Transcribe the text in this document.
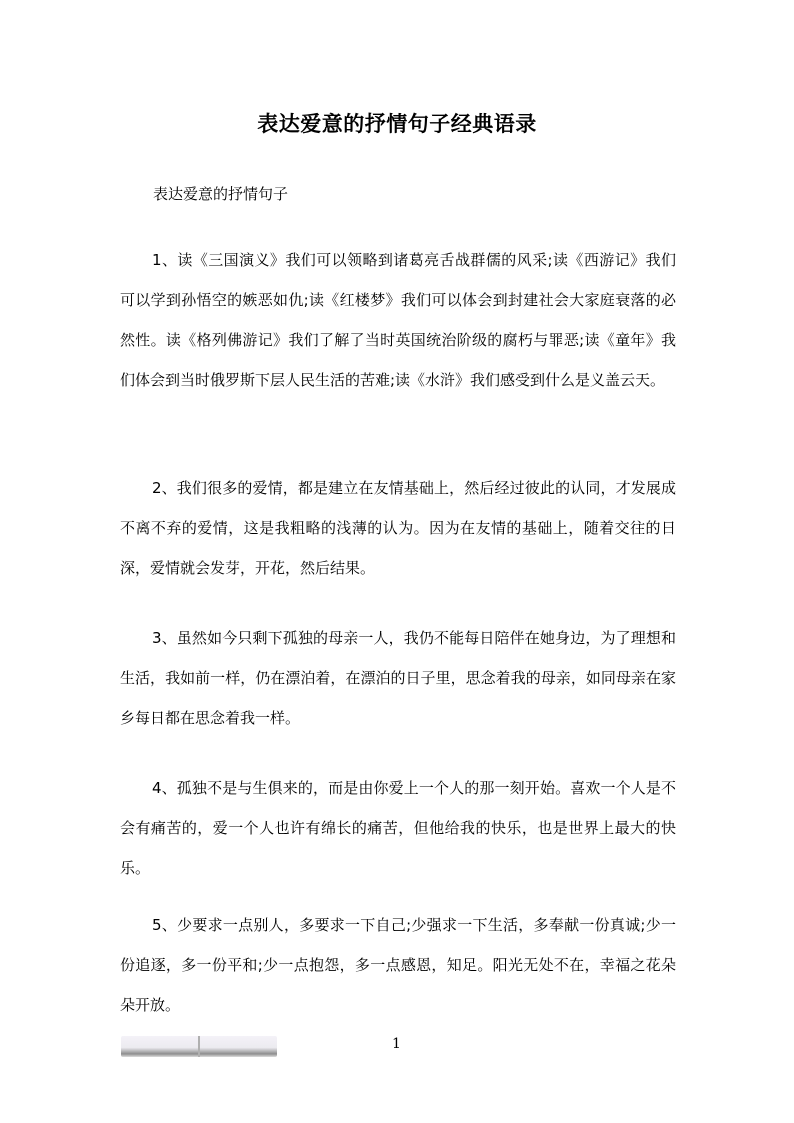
表达爱意的抒情句子经典语录
表达爱意的抒情句子

1、读《三国演义》我们可以领略到诸葛亮舌战群儒的风采;读《西游记》我们可以学到孙悟空的嫉恶如仇;读《红楼梦》我们可以体会到封建社会大家庭衰落的必然性。读《格列佛游记》我们了解了当时英国统治阶级的腐朽与罪恶;读《童年》我们体会到当时俄罗斯下层人民生活的苦难;读《水浒》我们感受到什么是义盖云天。

2、我们很多的爱情，都是建立在友情基础上，然后经过彼此的认同，才发展成不离不弃的爱情，这是我粗略的浅薄的认为。因为在友情的基础上，随着交往的日深，爱情就会发芽，开花，然后结果。

3、虽然如今只剩下孤独的母亲一人，我仍不能每日陪伴在她身边，为了理想和生活，我如前一样，仍在漂泊着，在漂泊的日子里，思念着我的母亲，如同母亲在家乡每日都在思念着我一样。

4、孤独不是与生俱来的，而是由你爱上一个人的那一刻开始。喜欢一个人是不会有痛苦的，爱一个人也许有绵长的痛苦，但他给我的快乐，也是世界上最大的快乐。

5、少要求一点别人，多要求一下自己;少强求一下生活，多奉献一份真诚;少一份追逐，多一份平和;少一点抱怨，多一点感恩，知足。阳光无处不在，幸福之花朵朵开放。

1
